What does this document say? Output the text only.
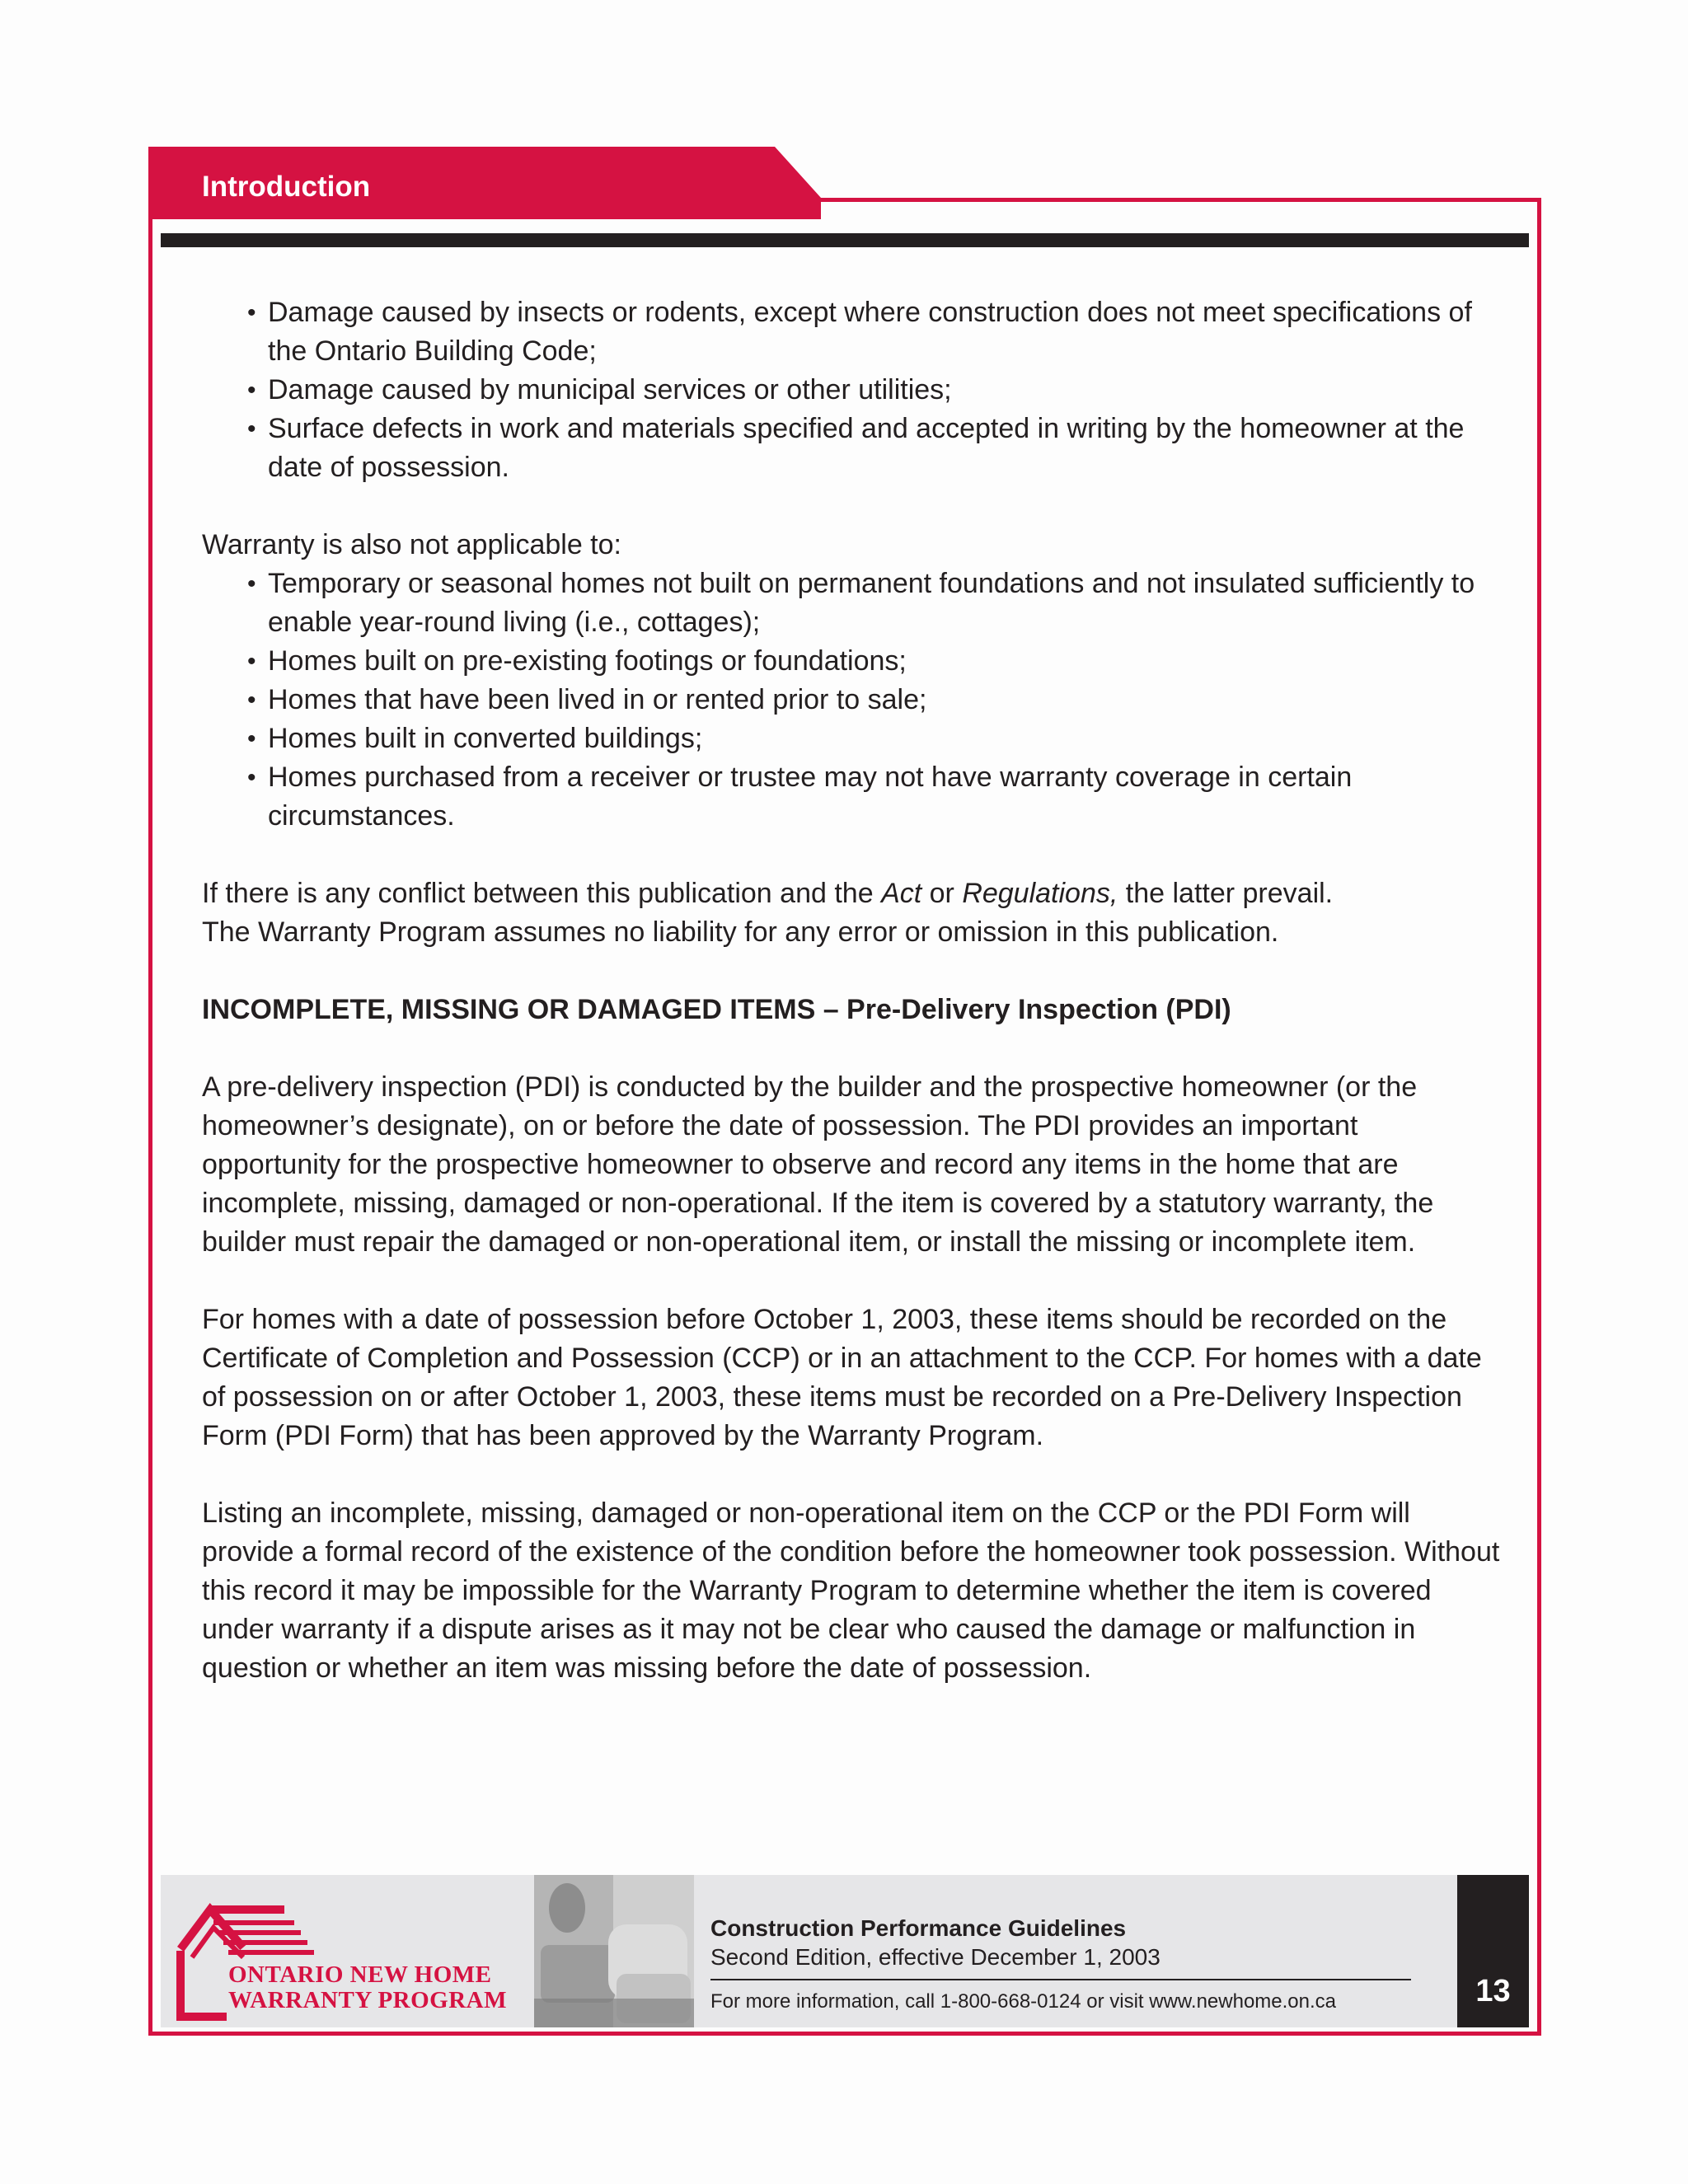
Introduction
• Damage caused by insects or rodents, except where construction does not meet specifications of the Ontario Building Code;
• Damage caused by municipal services or other utilities;
• Surface defects in work and materials specified and accepted in writing by the homeowner at the date of possession.

Warranty is also not applicable to:

• Temporary or seasonal homes not built on permanent foundations and not insulated sufficiently to enable year-round living (i.e., cottages);
• Homes built on pre-existing footings or foundations;
• Homes that have been lived in or rented prior to sale;
• Homes built in converted buildings;
• Homes purchased from a receiver or trustee may not have warranty coverage in certain circumstances.

If there is any conflict between this publication and the Act or Regulations, the latter prevail.
The Warranty Program assumes no liability for any error or omission in this publication.

INCOMPLETE, MISSING OR DAMAGED ITEMS – Pre-Delivery Inspection (PDI)

A pre-delivery inspection (PDI) is conducted by the builder and the prospective homeowner (or the homeowner’s designate), on or before the date of possession. The PDI provides an important opportunity for the prospective homeowner to observe and record any items in the home that are incomplete, missing, damaged or non-operational. If the item is covered by a statutory warranty, the builder must repair the damaged or non-operational item, or install the missing or incomplete item.

For homes with a date of possession before October 1, 2003, these items should be recorded on the Certificate of Completion and Possession (CCP) or in an attachment to the CCP. For homes with a date of possession on or after October 1, 2003, these items must be recorded on a Pre-Delivery Inspection Form (PDI Form) that has been approved by the Warranty Program.

Listing an incomplete, missing, damaged or non-operational item on the CCP or the PDI Form will provide a formal record of the existence of the condition before the homeowner took possession. Without this record it may be impossible for the Warranty Program to determine whether the item is covered under warranty if a dispute arises as it may not be clear who caused the damage or malfunction in question or whether an item was missing before the date of possession.

ONTARIO NEW HOME
WARRANTY PROGRAM
Construction Performance Guidelines
Second Edition, effective December 1, 2003
For more information, call 1-800-668-0124 or visit www.newhome.on.ca	13
